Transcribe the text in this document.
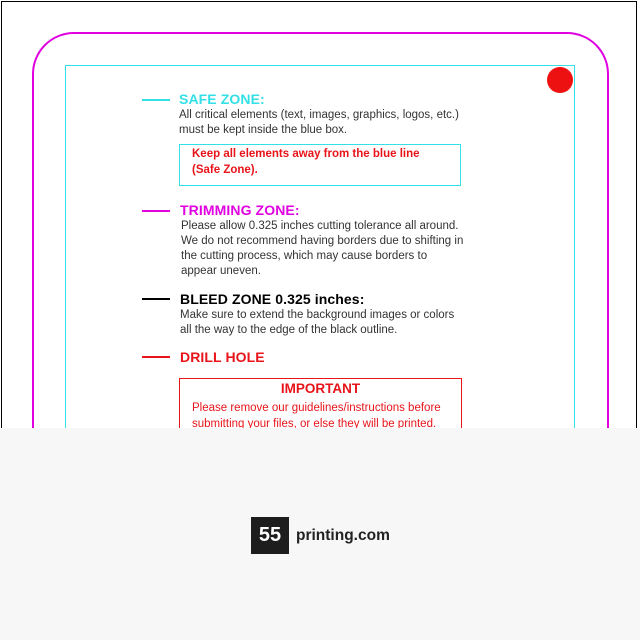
SAFE ZONE:
All critical elements (text, images, graphics, logos, etc.)
must be kept inside the blue box.
Keep all elements away from the blue line
(Safe Zone).
TRIMMING ZONE:
Please allow 0.325 inches cutting tolerance all around.
We do not recommend having borders due to shifting in
the cutting process, which may cause borders to
appear uneven.
BLEED ZONE 0.325 inches:
Make sure to extend the background images or colors
all the way to the edge of the black outline.
DRILL HOLE
IMPORTANT
Please remove our guidelines/instructions before
submitting your files, or else they will be printed.
55 printing.com
